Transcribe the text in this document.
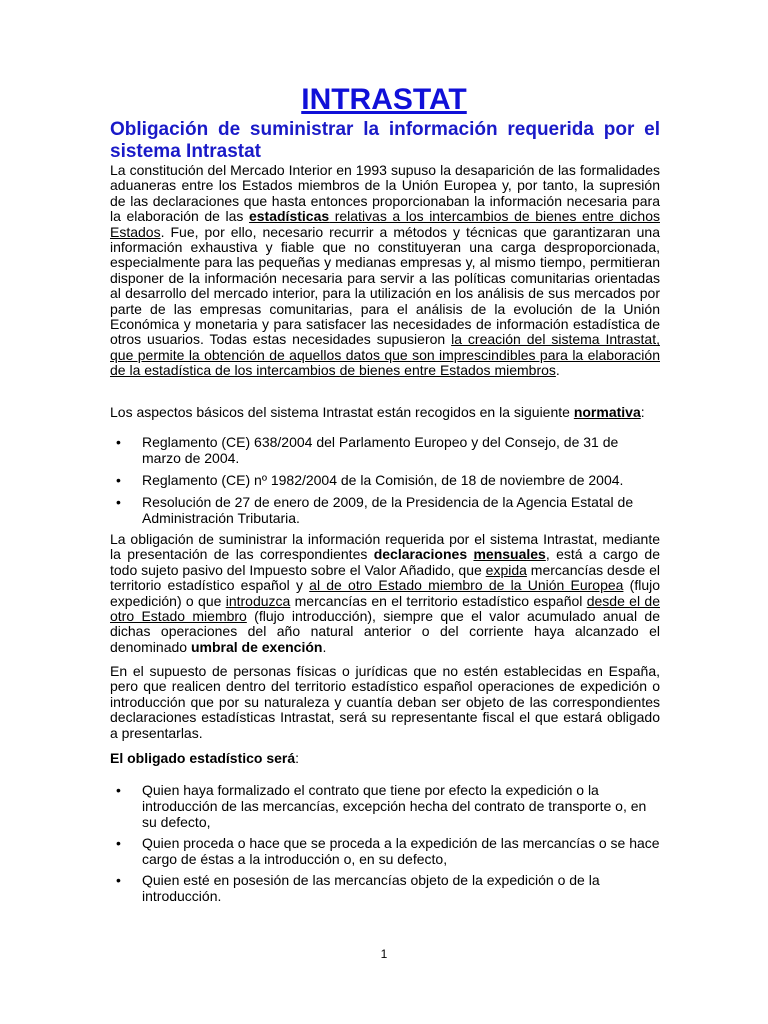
INTRASTAT
Obligación de suministrar la información requerida por el sistema Intrastat

La constitución del Mercado Interior en 1993 supuso la desaparición de las formalidades aduaneras entre los Estados miembros de la Unión Europea y, por tanto, la supresión de las declaraciones que hasta entonces proporcionaban la información necesaria para la elaboración de las estadísticas relativas a los intercambios de bienes entre dichos Estados. Fue, por ello, necesario recurrir a métodos y técnicas que garantizaran una información exhaustiva y fiable que no constituyeran una carga desproporcionada, especialmente para las pequeñas y medianas empresas y, al mismo tiempo, permitieran disponer de la información necesaria para servir a las políticas comunitarias orientadas al desarrollo del mercado interior, para la utilización en los análisis de sus mercados por parte de las empresas comunitarias, para el análisis de la evolución de la Unión Económica y monetaria y para satisfacer las necesidades de información estadística de otros usuarios. Todas estas necesidades supusieron la creación del sistema Intrastat, que permite la obtención de aquellos datos que son imprescindibles para la elaboración de la estadística de los intercambios de bienes entre Estados miembros.

Los aspectos básicos del sistema Intrastat están recogidos en la siguiente normativa:

• Reglamento (CE) 638/2004 del Parlamento Europeo y del Consejo, de 31 de marzo de 2004.
• Reglamento (CE) nº 1982/2004 de la Comisión, de 18 de noviembre de 2004.
• Resolución de 27 de enero de 2009, de la Presidencia de la Agencia Estatal de Administración Tributaria.

La obligación de suministrar la información requerida por el sistema Intrastat, mediante la presentación de las correspondientes declaraciones mensuales, está a cargo de todo sujeto pasivo del Impuesto sobre el Valor Añadido, que expida mercancías desde el territorio estadístico español y al de otro Estado miembro de la Unión Europea (flujo expedición) o que introduzca mercancías en el territorio estadístico español desde el de otro Estado miembro (flujo introducción), siempre que el valor acumulado anual de dichas operaciones del año natural anterior o del corriente haya alcanzado el denominado umbral de exención.

En el supuesto de personas físicas o jurídicas que no estén establecidas en España, pero que realicen dentro del territorio estadístico español operaciones de expedición o introducción que por su naturaleza y cuantía deban ser objeto de las correspondientes declaraciones estadísticas Intrastat, será su representante fiscal el que estará obligado a presentarlas.

El obligado estadístico será:

• Quien haya formalizado el contrato que tiene por efecto la expedición o la introducción de las mercancías, excepción hecha del contrato de transporte o, en su defecto,
• Quien proceda o hace que se proceda a la expedición de las mercancías o se hace cargo de éstas a la introducción o, en su defecto,
• Quien esté en posesión de las mercancías objeto de la expedición o de la introducción.
1
